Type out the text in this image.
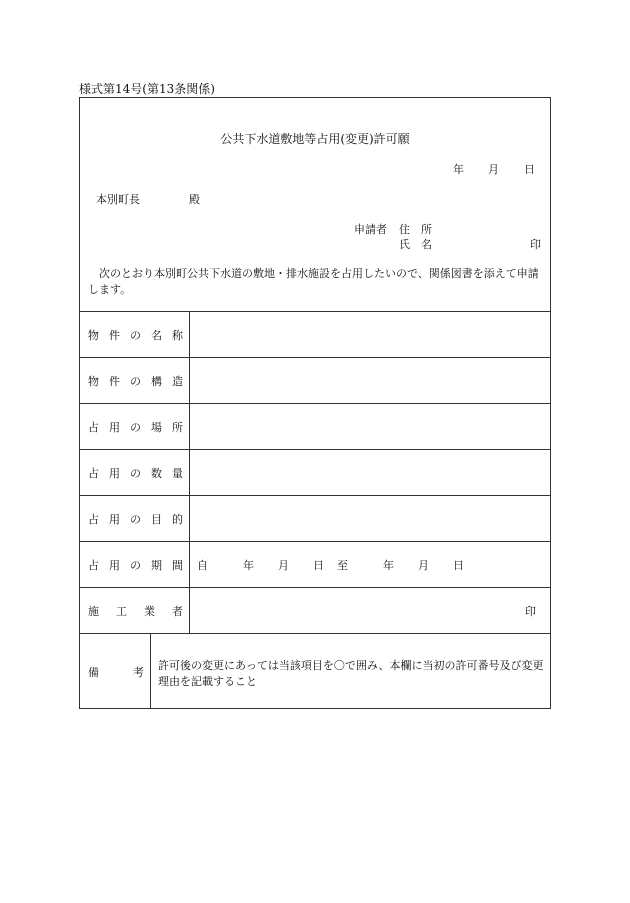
様式第14号(第13条関係)
公共下水道敷地等占用(変更)許可願
年 月 日
本別町長	殿
申請者 住　所
氏　名	印
次のとおり本別町公共下水道の敷地・排水施設を占用したいので、関係図書を添えて申請します。
物 件 の 名 称
物 件 の 構 造
占 用 の 場 所
占 用 の 数 量
占 用 の 目 的
占 用 の 期 間 自	年 月 日 至	年 月 日
施 工 業 者	印
備	考
許可後の変更にあっては当該項目を〇で囲み、本欄に当初の許可番号及び変更理由を記載すること
